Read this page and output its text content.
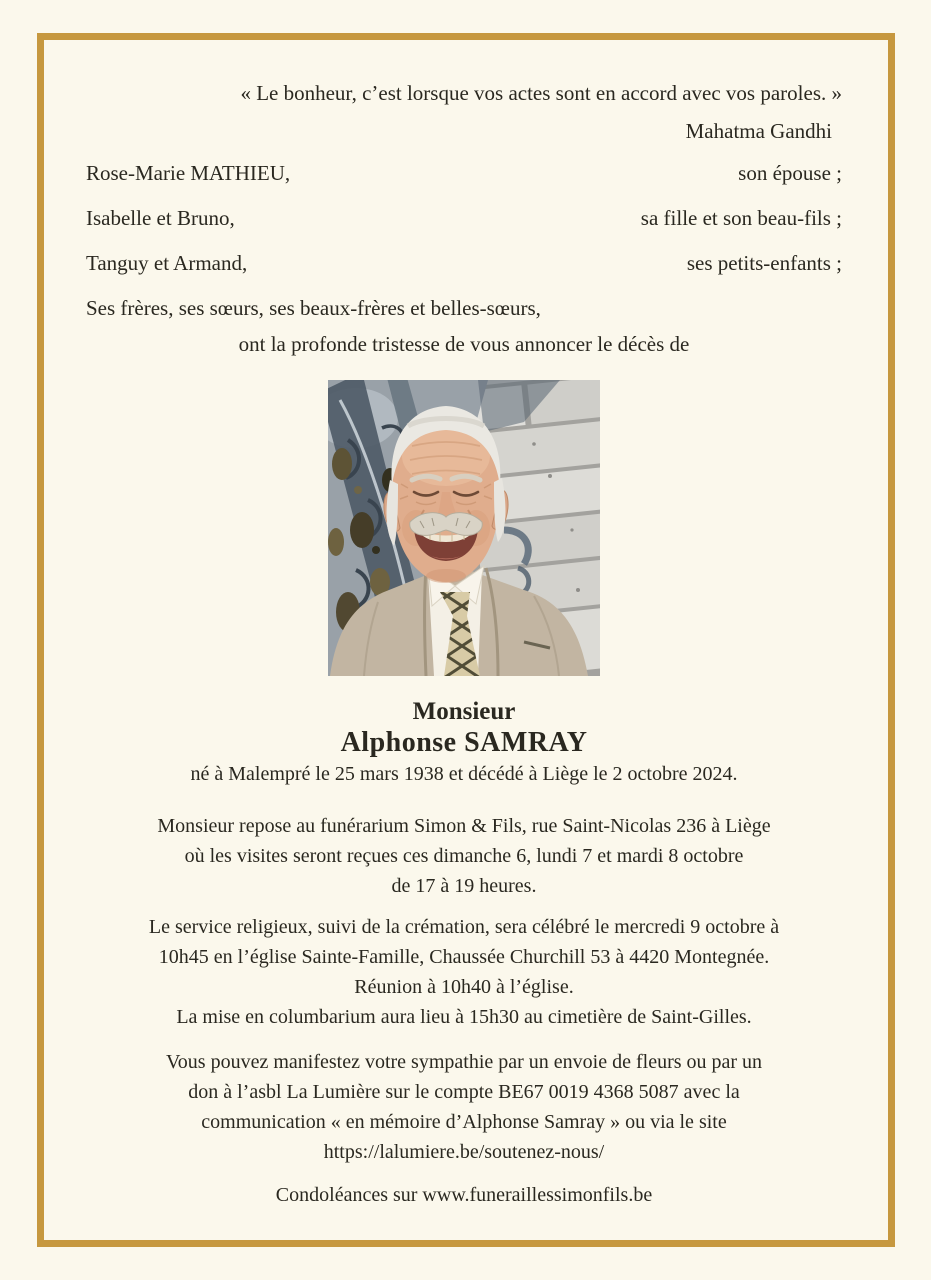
« Le bonheur, c’est lorsque vos actes sont en accord avec vos paroles. »
Mahatma Gandhi
Rose-Marie MATHIEU,	son épouse ;
Isabelle et Bruno,	sa fille et son beau-fils ;
Tanguy et Armand,	ses petits-enfants ;
Ses frères, ses sœurs, ses beaux-frères et belles-sœurs,
ont la profonde tristesse de vous annoncer le décès de
Monsieur
Alphonse SAMRAY
né à Malempré le 25 mars 1938 et décédé à Liège le 2 octobre 2024.
Monsieur repose au funérarium Simon & Fils, rue Saint-Nicolas 236 à Liège
où les visites seront reçues ces dimanche 6, lundi 7 et mardi 8 octobre
de 17 à 19 heures.
Le service religieux, suivi de la crémation, sera célébré le mercredi 9 octobre à
10h45 en l’église Sainte-Famille, Chaussée Churchill 53 à 4420 Montegnée.
Réunion à 10h40 à l’église.
La mise en columbarium aura lieu à 15h30 au cimetière de Saint-Gilles.
Vous pouvez manifestez votre sympathie par un envoie de fleurs ou par un
don à l’asbl La Lumière sur le compte BE67 0019 4368 5087 avec la
communication « en mémoire d’Alphonse Samray » ou via le site
https://lalumiere.be/soutenez-nous/
Condoléances sur www.funeraillessimonfils.be
